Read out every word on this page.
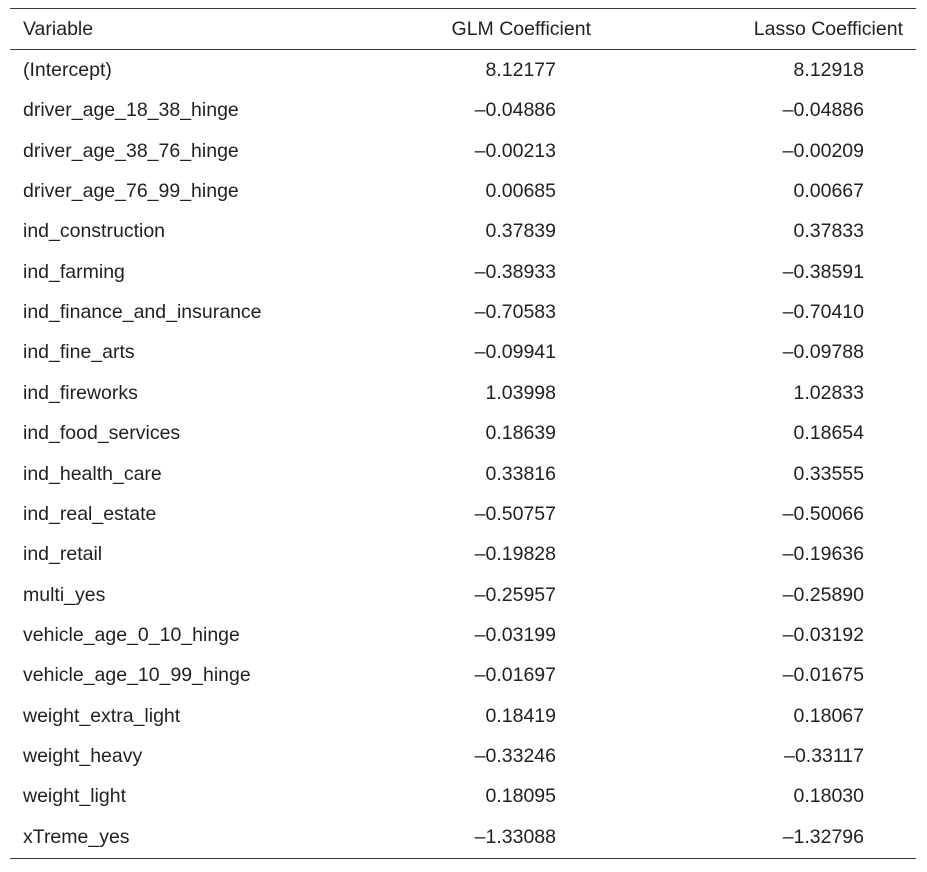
Variable	GLM Coefficient	Lasso Coefficient
(Intercept)	8.12177	8.12918
driver_age_18_38_hinge	–0.04886	–0.04886
driver_age_38_76_hinge	–0.00213	–0.00209
driver_age_76_99_hinge	0.00685	0.00667
ind_construction	0.37839	0.37833
ind_farming	–0.38933	–0.38591
ind_finance_and_insurance	–0.70583	–0.70410
ind_fine_arts	–0.09941	–0.09788
ind_fireworks	1.03998	1.02833
ind_food_services	0.18639	0.18654
ind_health_care	0.33816	0.33555
ind_real_estate	–0.50757	–0.50066
ind_retail	–0.19828	–0.19636
multi_yes	–0.25957	–0.25890
vehicle_age_0_10_hinge	–0.03199	–0.03192
vehicle_age_10_99_hinge	–0.01697	–0.01675
weight_extra_light	0.18419	0.18067
weight_heavy	–0.33246	–0.33117
weight_light	0.18095	0.18030
xTreme_yes	–1.33088	–1.32796
